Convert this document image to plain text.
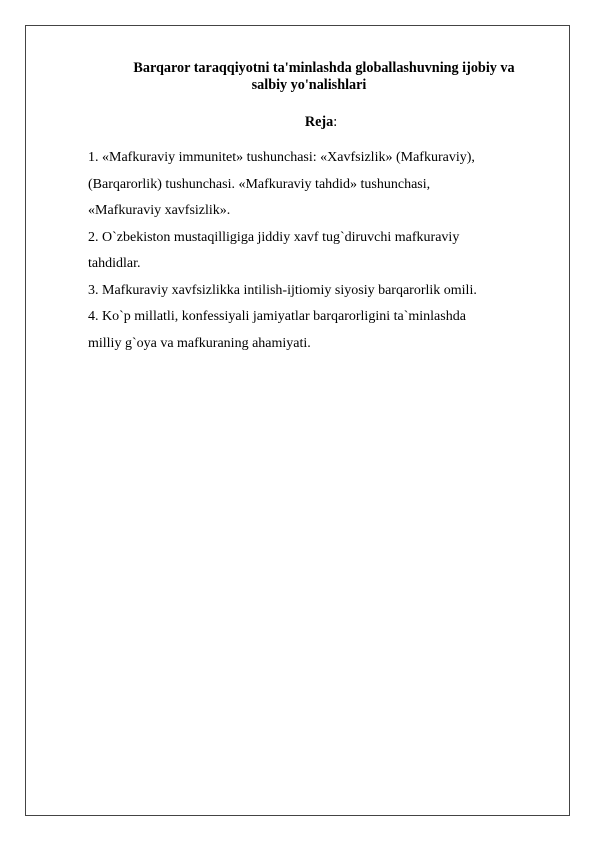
Barqaror taraqqiyotni ta'minlashda globallashuvning ijobiy va
salbiy yo'nalishlari
Reja:
1. «Mafkuraviy immunitet» tushunchasi: «Xavfsizlik» (Mafkuraviy),
(Barqarorlik) tushunchasi. «Mafkuraviy tahdid» tushunchasi,
«Mafkuraviy xavfsizlik».
2. O`zbekiston mustaqilligiga jiddiy xavf tug`diruvchi mafkuraviy
tahdidlar.
3. Mafkuraviy xavfsizlikka intilish-ijtiomiy siyosiy barqarorlik omili.
4. Ko`p millatli, konfessiyali jamiyatlar barqarorligini ta`minlashda
milliy g`oya va mafkuraning ahamiyati.
